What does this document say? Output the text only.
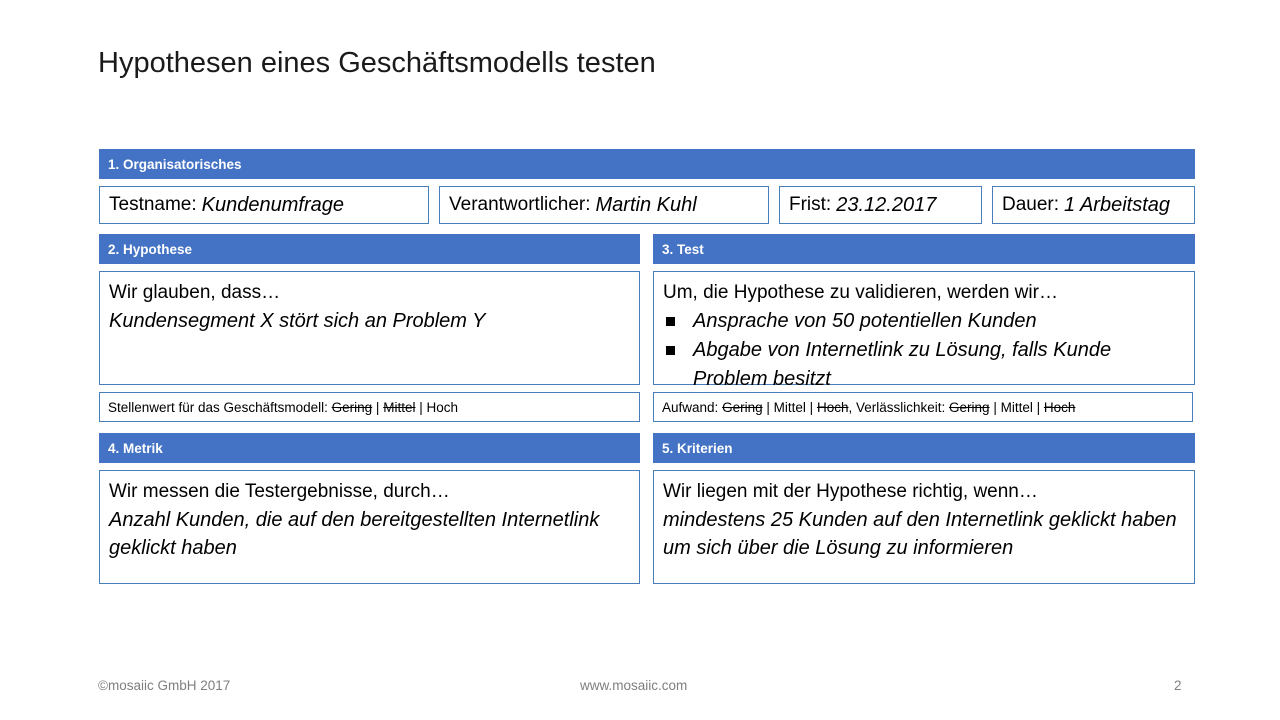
Hypothesen eines Geschäftsmodells testen
1. Organisatorisches
Testname: Kundenumfrage	Verantwortlicher: Martin Kuhl	Frist: 23.12.2017	Dauer: 1 Arbeitstag
2. Hypothese
Wir glauben, dass…
Kundensegment X stört sich an Problem Y
Stellenwert für das Geschäftsmodell:
Gering
|
Mittel
|
Hoch
3. Test
Um, die Hypothese zu validieren, werden wir…
Ansprache von 50 potentiellen Kunden
Abgabe von Internetlink zu Lösung, falls Kunde Problem besitzt
Aufwand:
Gering
|
Mittel
|
Hoch , Verlässlichkeit:
Gering
|
Mittel
|
Hoch
4. Metrik
Wir messen die Testergebnisse, durch…
Anzahl Kunden, die auf den bereitgestellten Internetlink geklickt haben
5. Kriterien
Wir liegen mit der Hypothese richtig, wenn…
mindestens 25 Kunden auf den Internetlink geklickt haben um sich über die Lösung zu informieren
©mosaiic GmbH 2017	www.mosaiic.com	2
